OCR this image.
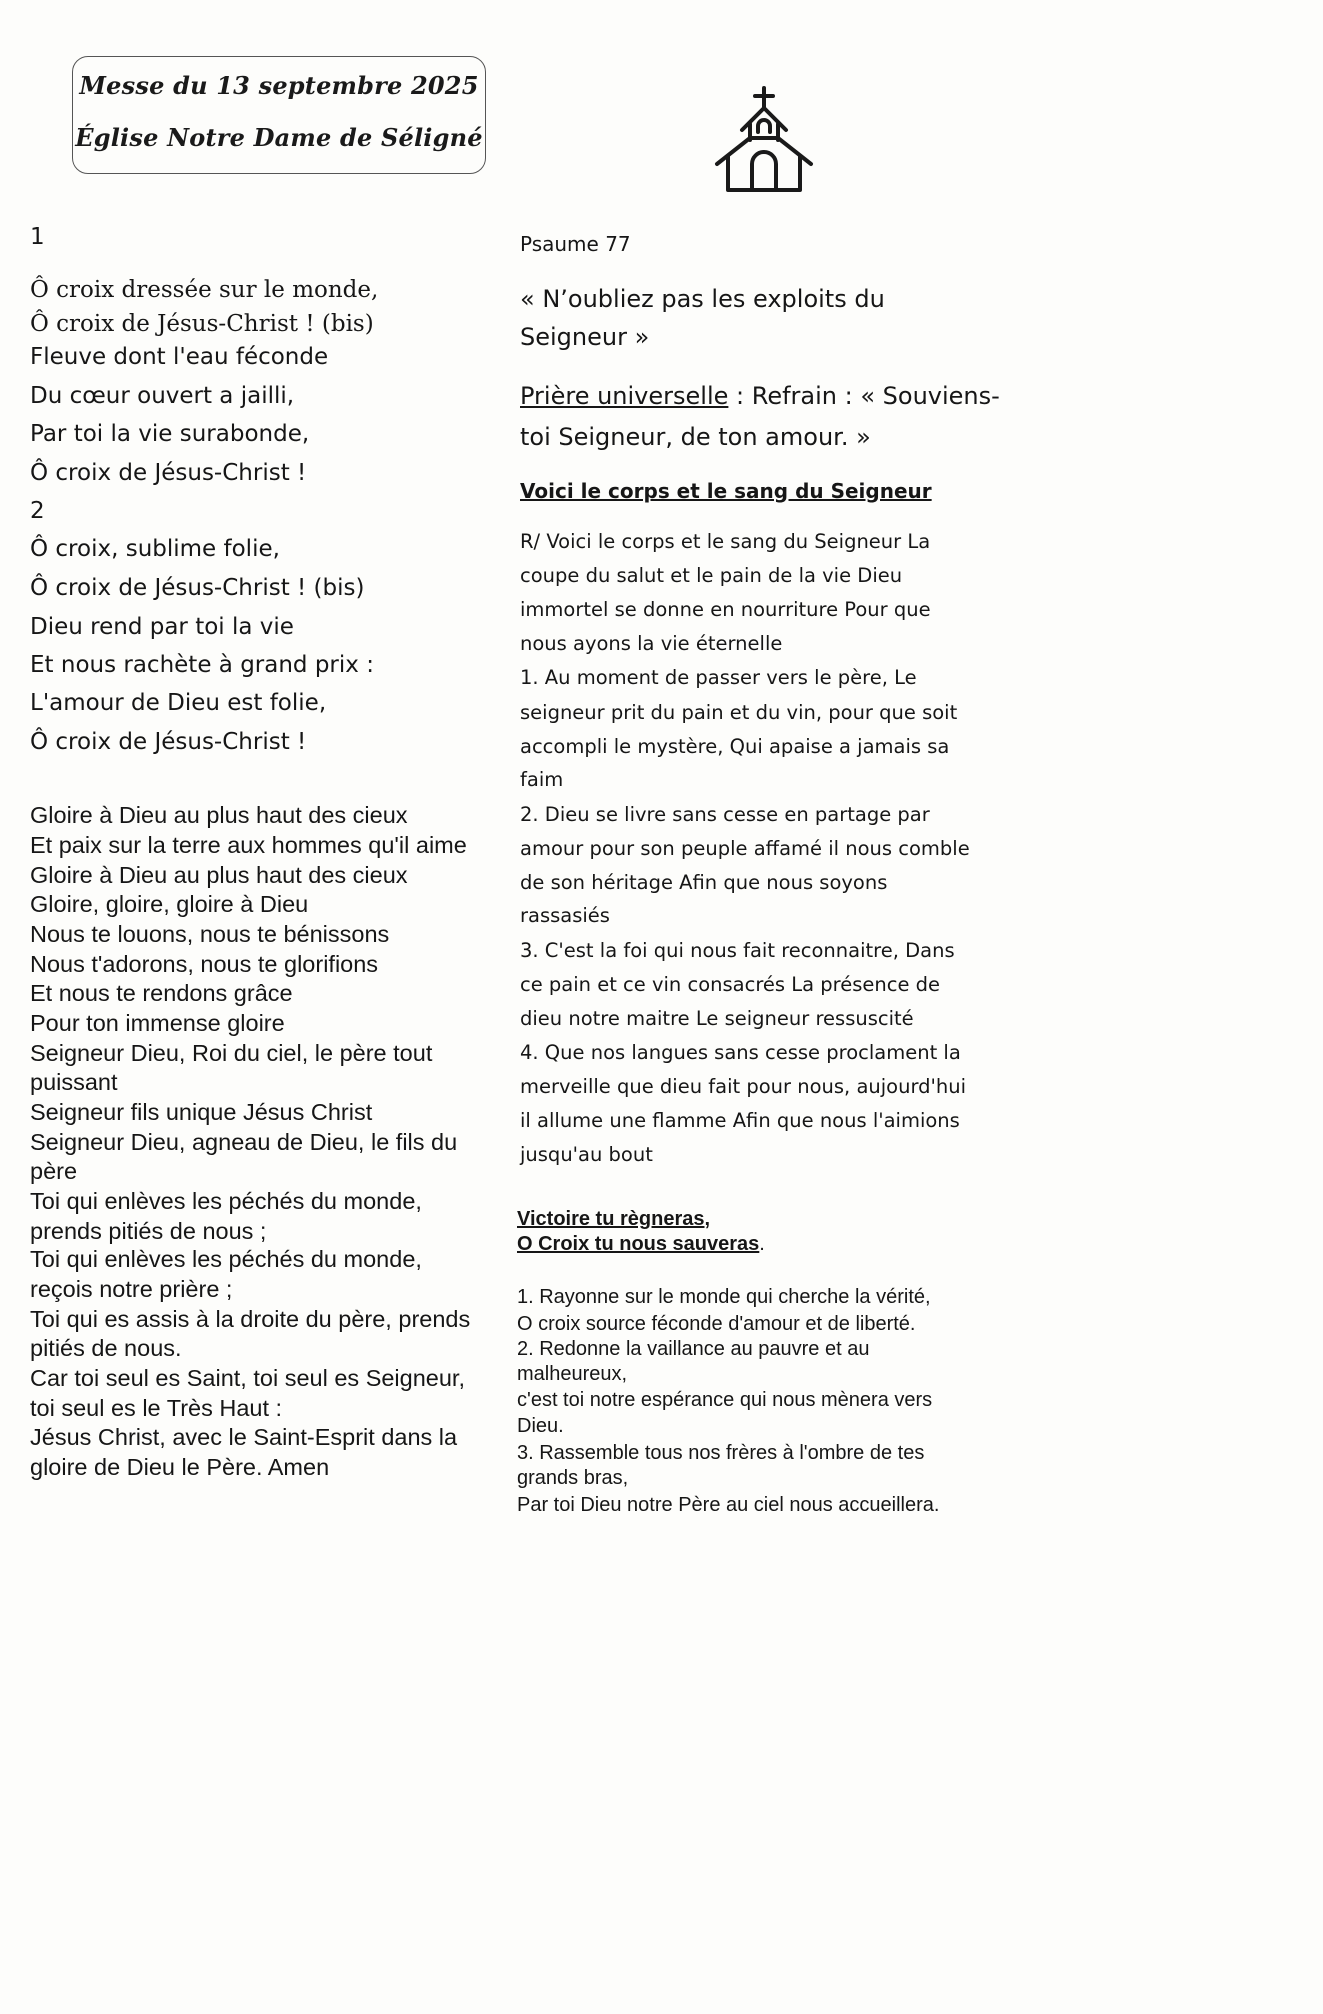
Messe du 13 septembre 2025
Église Notre Dame de Séligné
1
Ô croix dressée sur le monde,
Ô croix de Jésus-Christ ! (bis)
Fleuve dont l'eau féconde
Du cœur ouvert a jailli,
Par toi la vie surabonde,
Ô croix de Jésus-Christ !
2
Ô croix, sublime folie,
Ô croix de Jésus-Christ ! (bis)
Dieu rend par toi la vie
Et nous rachète à grand prix :
L'amour de Dieu est folie,
Ô croix de Jésus-Christ !
Gloire à Dieu au plus haut des cieux
Et paix sur la terre aux hommes qu'il aime
Gloire à Dieu au plus haut des cieux
Gloire, gloire, gloire à Dieu
Nous te louons, nous te bénissons
Nous t'adorons, nous te glorifions
Et nous te rendons grâce
Pour ton immense gloire
Seigneur Dieu, Roi du ciel, le père tout
puissant
Seigneur fils unique Jésus Christ
Seigneur Dieu, agneau de Dieu, le fils du
père
Toi qui enlèves les péchés du monde,
prends pitiés de nous ;
Toi qui enlèves les péchés du monde,
reçois notre prière ;
Toi qui es assis à la droite du père, prends
pitiés de nous.
Car toi seul es Saint, toi seul es Seigneur,
toi seul es le Très Haut :
Jésus Christ, avec le Saint-Esprit dans la
gloire de Dieu le Père. Amen
Psaume 77
« N’oubliez pas les exploits du
Seigneur »
Prière universelle : Refrain : « Souviens-
toi Seigneur, de ton amour. »
Voici le corps et le sang du Seigneur
R/ Voici le corps et le sang du Seigneur La
coupe du salut et le pain de la vie Dieu
immortel se donne en nourriture Pour que
nous ayons la vie éternelle
1. Au moment de passer vers le père, Le
seigneur prit du pain et du vin, pour que soit
accompli le mystère, Qui apaise a jamais sa
faim
2. Dieu se livre sans cesse en partage par
amour pour son peuple affamé il nous comble
de son héritage Afin que nous soyons
rassasiés
3. C'est la foi qui nous fait reconnaitre, Dans
ce pain et ce vin consacrés La présence de
dieu notre maitre Le seigneur ressuscité
4. Que nos langues sans cesse proclament la
merveille que dieu fait pour nous, aujourd'hui
il allume une flamme Afin que nous l'aimions
jusqu'au bout
Victoire tu règneras,
O Croix tu nous sauveras.
1. Rayonne sur le monde qui cherche la vérité,
O croix source féconde d'amour et de liberté.
2. Redonne la vaillance au pauvre et au
malheureux,
c'est toi notre espérance qui nous mènera vers
Dieu.
3. Rassemble tous nos frères à l'ombre de tes
grands bras,
Par toi Dieu notre Père au ciel nous accueillera.
